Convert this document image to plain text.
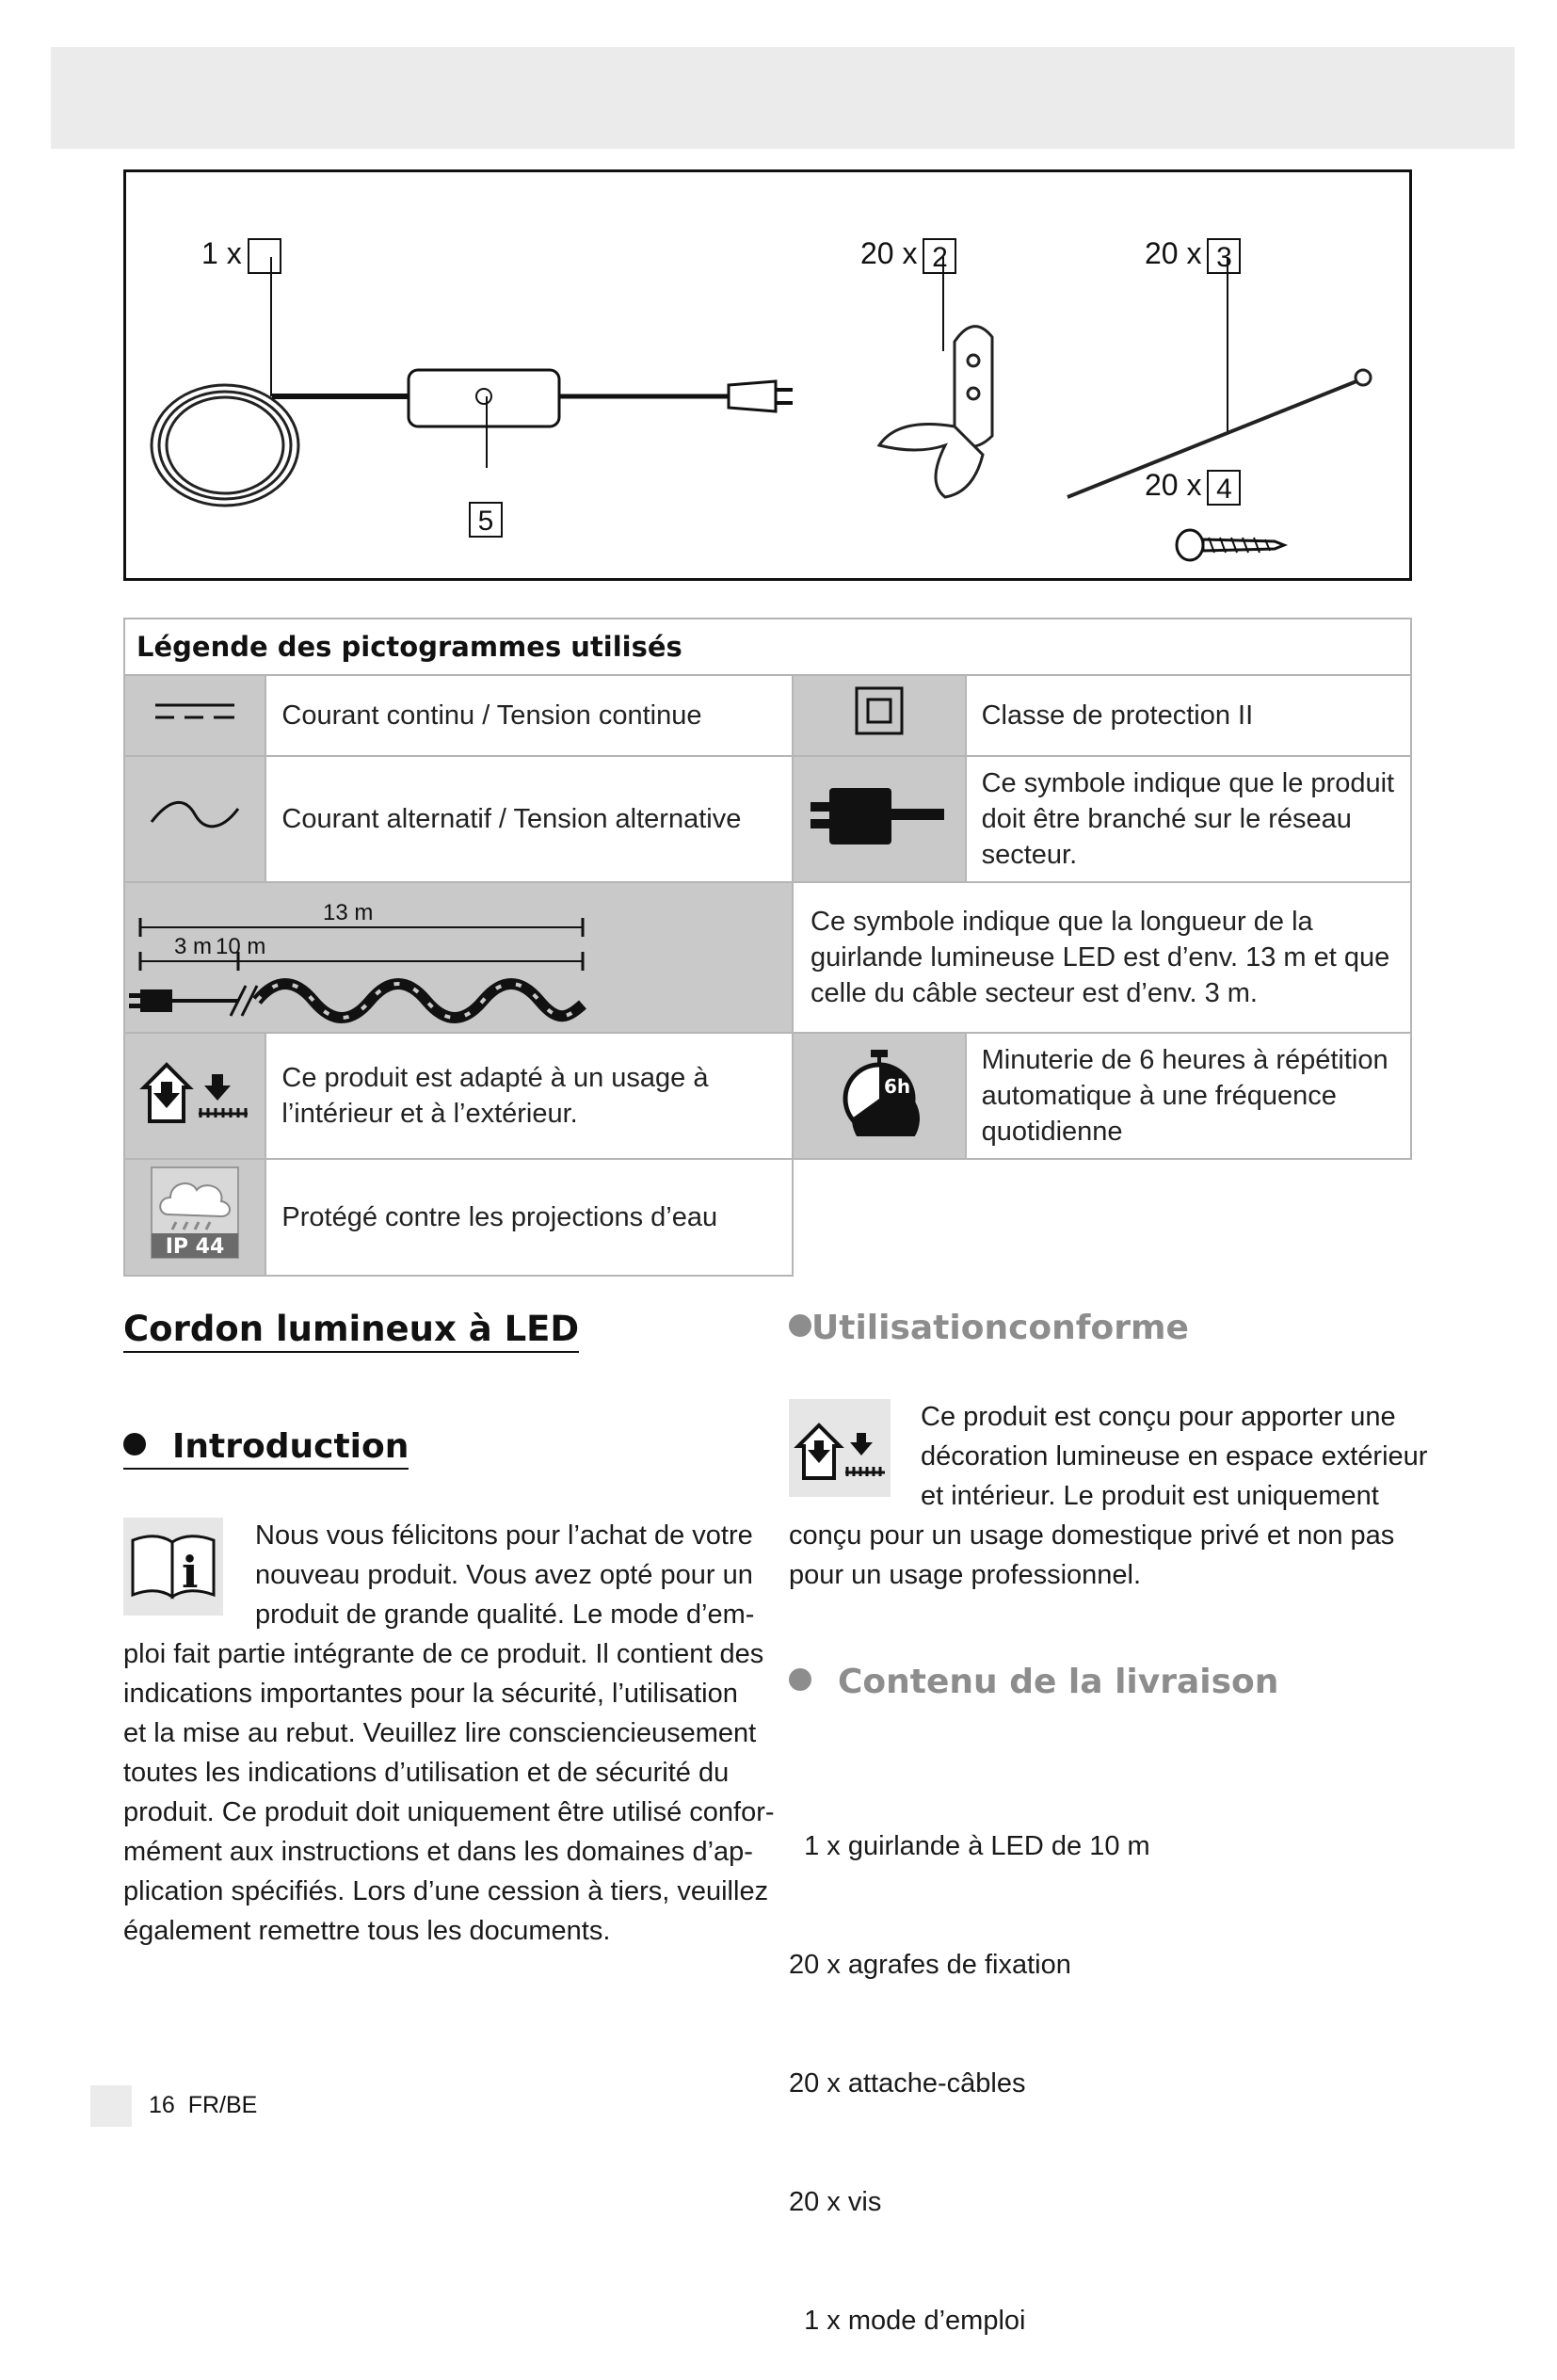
1 x	20 x 2	20 x 3
20 x 4
5
Légende des pictogrammes utilisés			
	Courant continu / Tension continue		Classe de protection II
	Courant alternatif / Tension alternative		Ce symbole indique que le produit doit être branché sur le réseau secteur.

13 m
3 m 10 m		Ce symbole indique que la longueur de la guirlande lumineuse LED est d’env. 13 m et que celle du câble secteur est d’env. 3 m.	
	Ce produit est adapté à un usage à l’intérieur et à l’extérieur.	6h	Minuterie de 6 heures à répétition automatique à une fréquence quotidienne

IP 44	Protégé contre les projections d’eau		
Cordon lumineux à LED
Introduction
i
Nous vous félicitons pour l’achat de votre
nouveau produit. Vous avez opté pour un
produit de grande qualité. Le mode d’em-
ploi fait partie intégrante de ce produit. Il contient des
indications importantes pour la sécurité, l’utilisation
et la mise au rebut. Veuillez lire consciencieusement
toutes les indications d’utilisation et de sécurité du
produit. Ce produit doit uniquement être utilisé confor-
mément aux instructions et dans les domaines d’ap-
plication spécifiés. Lors d’une cession à tiers, veuillez
également remettre tous les documents.
Utilisationconforme
Ce produit est conçu pour apporter une
décoration lumineuse en espace extérieur
et intérieur. Le produit est uniquement
conçu pour un usage domestique privé et non pas
pour un usage professionnel.
Contenu de la livraison

1 x guirlande à LED de 10 m

20 x agrafes de fixation

20 x attache-câbles

20 x vis

1 x mode d’emploi

16 FR/BE
